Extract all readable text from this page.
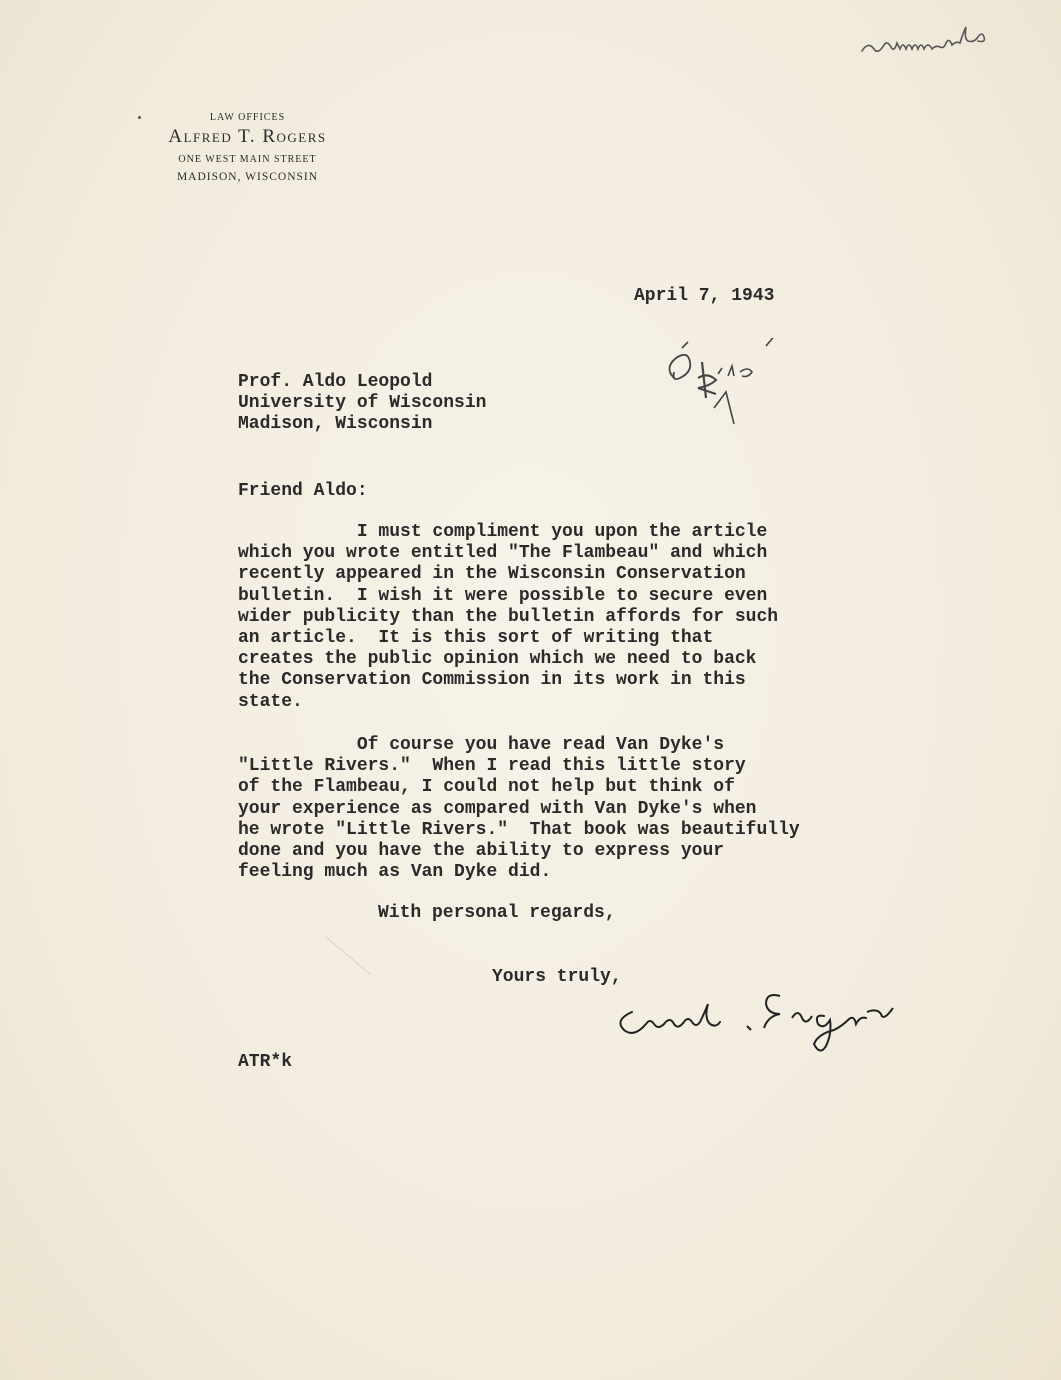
LAW OFFICES
Alfred T. Rogers
ONE WEST MAIN STREET
MADISON, WISCONSIN
April 7, 1943
Prof. Aldo Leopold
University of Wisconsin
Madison, Wisconsin
Friend Aldo:
I must compliment you upon the article
which you wrote entitled "The Flambeau" and which
recently appeared in the Wisconsin Conservation
bulletin.  I wish it were possible to secure even
wider publicity than the bulletin affords for such
an article.  It is this sort of writing that
creates the public opinion which we need to back
the Conservation Commission in its work in this
state.
Of course you have read Van Dyke's
"Little Rivers."  When I read this little story
of the Flambeau, I could not help but think of
your experience as compared with Van Dyke's when
he wrote "Little Rivers."  That book was beautifully
done and you have the ability to express your
feeling much as Van Dyke did.
With personal regards,
Yours truly,
ATR*k
